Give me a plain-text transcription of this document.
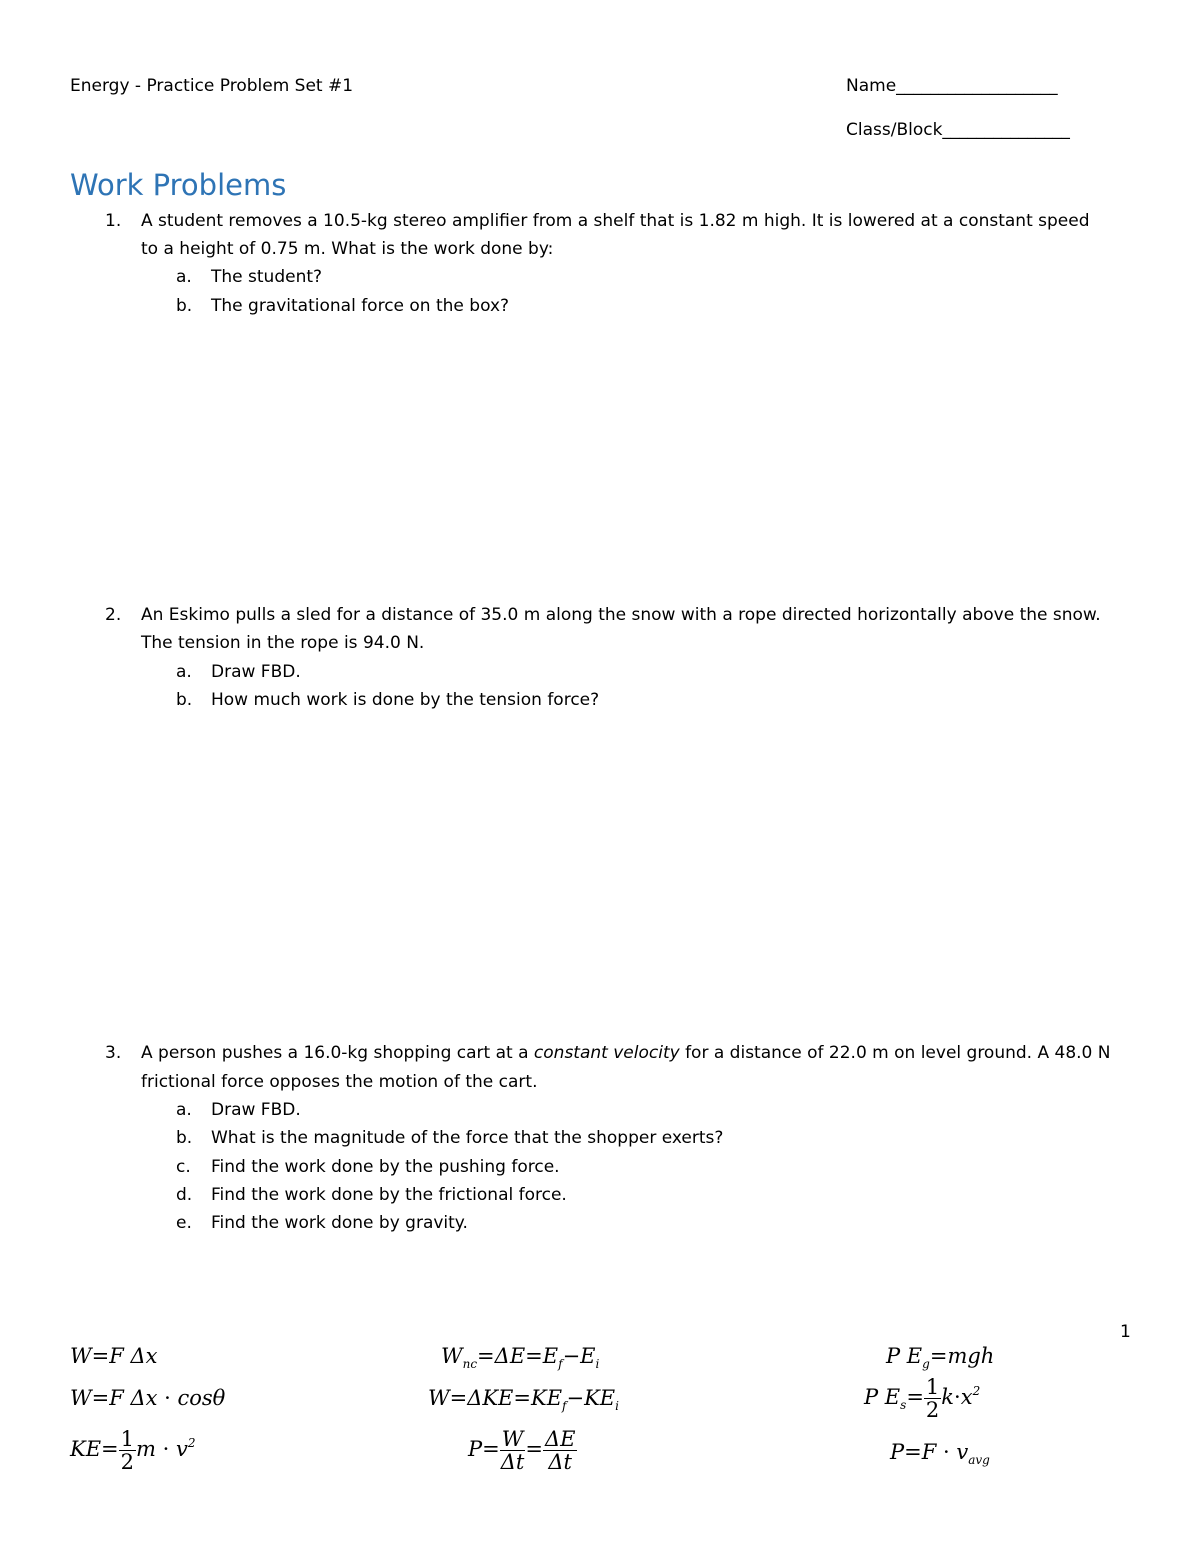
Energy - Practice Problem Set #1	Name___________________
Class/Block_______________
Work Problems
1. A student removes a 10.5-kg stereo amplifier from a shelf that is 1.82 m high. It is lowered at a constant speed
to a height of 0.75 m. What is the work done by:
a. The student?
b. The gravitational force on the box?
2. An Eskimo pulls a sled for a distance of 35.0 m along the snow with a rope directed horizontally above the snow.
The tension in the rope is 94.0 N.
a. Draw FBD.
b. How much work is done by the tension force?
3. A person pushes a 16.0-kg shopping cart at a constant velocity for a distance of 22.0 m on level ground. A 48.0 N
frictional force opposes the motion of the cart.
a. Draw FBD.
b. What is the magnitude of the force that the shopper exerts?
c. Find the work done by the pushing force.
d. Find the work done by the frictional force.
e. Find the work done by gravity.
1
W=F Δx
W=F Δx · cosθ
$KE= \frac{1}{2}$ $m \cdot v^2$
$W_{nc}=\Delta E=E_f-E_i$
$W=\Delta KE=KE_f-KE_i$
$P= \frac{W}{\Delta t} = \frac{\Delta E}{\Delta t}$
P $E_g=mgh$
P $E_s= \frac{1}{2} k\cdot x^2$
$P=F \cdot v_{avg}$
